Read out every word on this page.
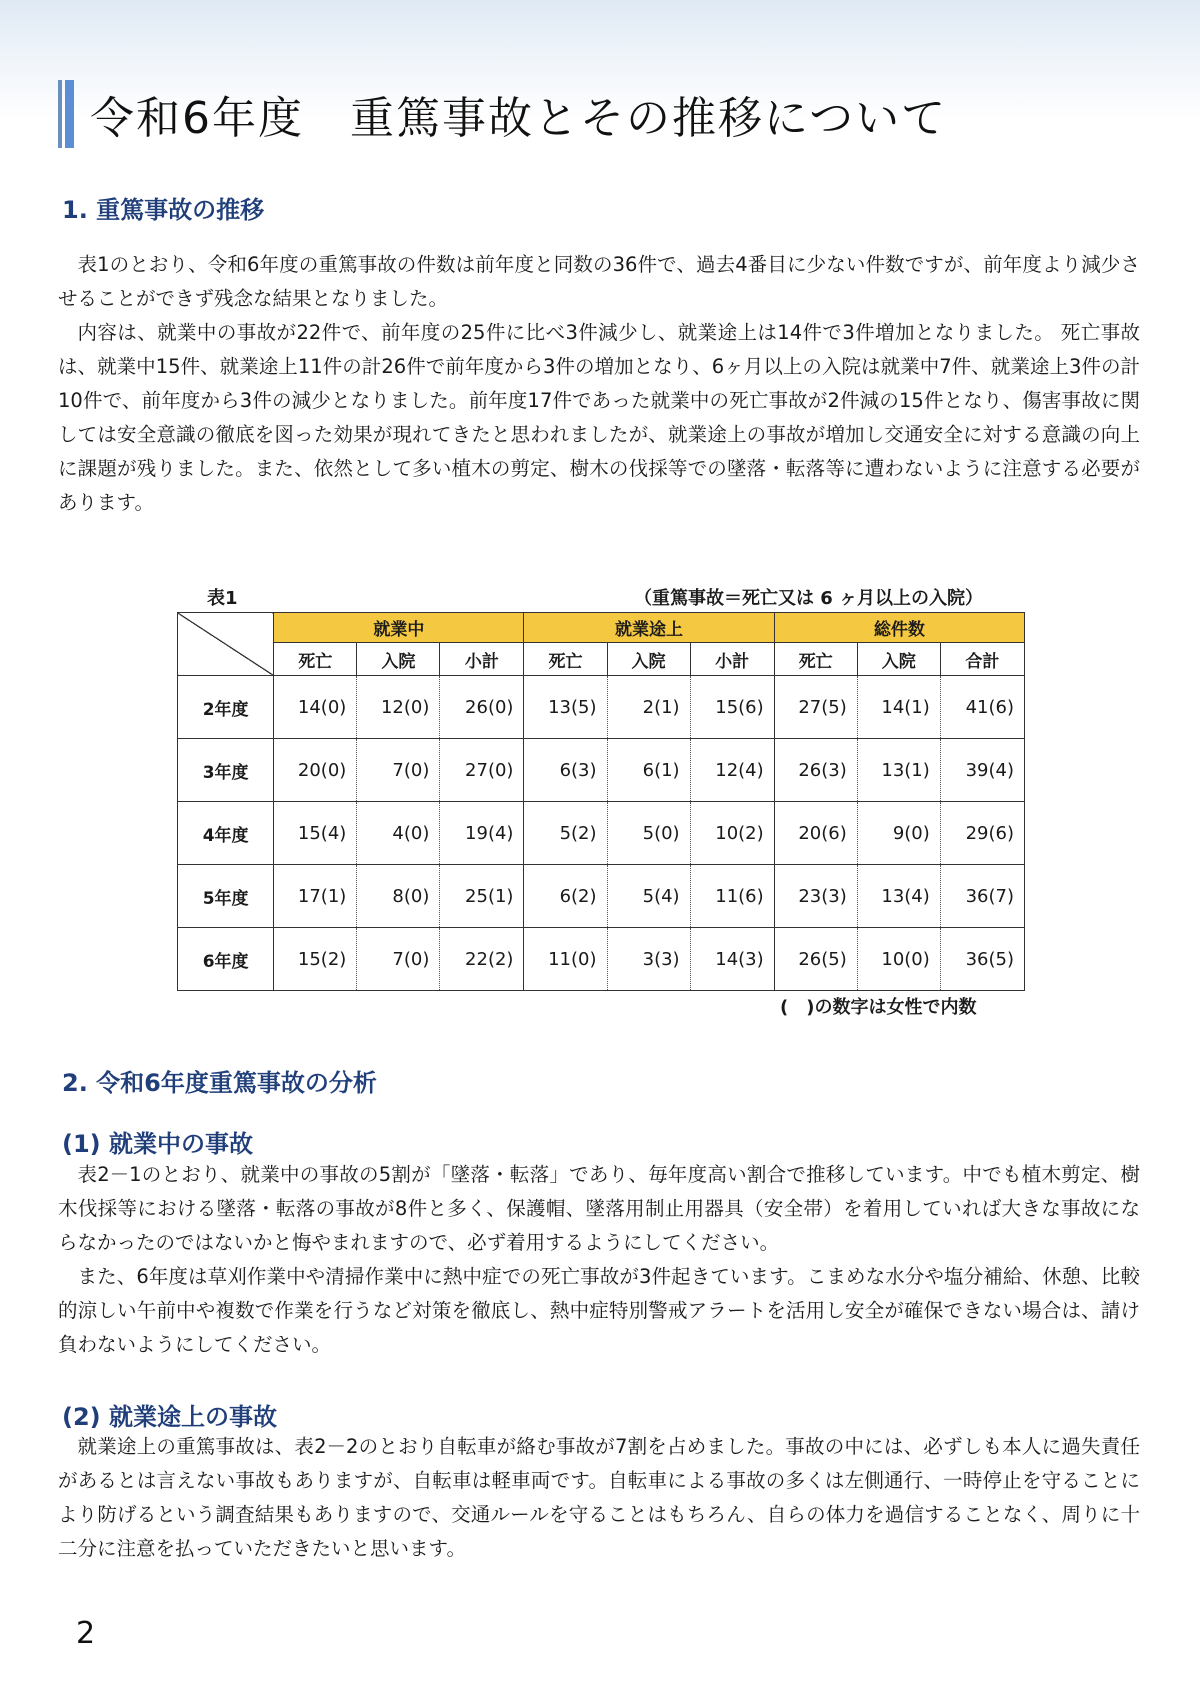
令和6年度　重篤事故とその推移について
1. 重篤事故の推移

表1のとおり、令和6年度の重篤事故の件数は前年度と同数の36件で、過去4番目に少ない件数ですが、前年度より減少させることができず残念な結果となりました。

内容は、就業中の事故が22件で、前年度の25件に比べ3件減少し、就業途上は14件で3件増加となりました。 死亡事故は、就業中15件、就業途上11件の計26件で前年度から3件の増加となり、6ヶ月以上の入院は就業中7件、就業途上3件の計10件で、前年度から3件の減少となりました。前年度17件であった就業中の死亡事故が2件減の15件となり、傷害事故に関しては安全意識の徹底を図った効果が現れてきたと思われましたが、就業途上の事故が増加し交通安全に対する意識の向上に課題が残りました。また、依然として多い植木の剪定、樹木の伐採等での墜落・転落等に遭わないように注意する必要があります。

表1	（重篤事故＝死亡又は 6 ヶ月以上の入院）
	就業中			就業途上			総件数		
	死亡	入院	小計	死亡	入院	小計	死亡	入院	合計
2年度	14(0)	12(0)	26(0)	13(5)	2(1)	15(6)	27(5)	14(1)	41(6)
3年度	20(0)	7(0)	27(0)	6(3)	6(1)	12(4)	26(3)	13(1)	39(4)
4年度	15(4)	4(0)	19(4)	5(2)	5(0)	10(2)	20(6)	9(0)	29(6)
5年度	17(1)	8(0)	25(1)	6(2)	5(4)	11(6)	23(3)	13(4)	36(7)
6年度	15(2)	7(0)	22(2)	11(0)	3(3)	14(3)	26(5)	10(0)	36(5)
(　)の数字は女性で内数
2. 令和6年度重篤事故の分析
(1) 就業中の事故

表2－1のとおり、就業中の事故の5割が「墜落・転落」であり、毎年度高い割合で推移しています。中でも植木剪定、樹木伐採等における墜落・転落の事故が8件と多く、保護帽、墜落用制止用器具（安全帯）を着用していれば大きな事故にならなかったのではないかと悔やまれますので、必ず着用するようにしてください。

また、6年度は草刈作業中や清掃作業中に熱中症での死亡事故が3件起きています。こまめな水分や塩分補給、休憩、比較的涼しい午前中や複数で作業を行うなど対策を徹底し、熱中症特別警戒アラートを活用し安全が確保できない場合は、請け負わないようにしてください。

(2) 就業途上の事故

就業途上の重篤事故は、表2－2のとおり自転車が絡む事故が7割を占めました。事故の中には、必ずしも本人に過失責任があるとは言えない事故もありますが、自転車は軽車両です。自転車による事故の多くは左側通行、一時停止を守ることにより防げるという調査結果もありますので、交通ルールを守ることはもちろん、自らの体力を過信することなく、周りに十二分に注意を払っていただきたいと思います。

2
